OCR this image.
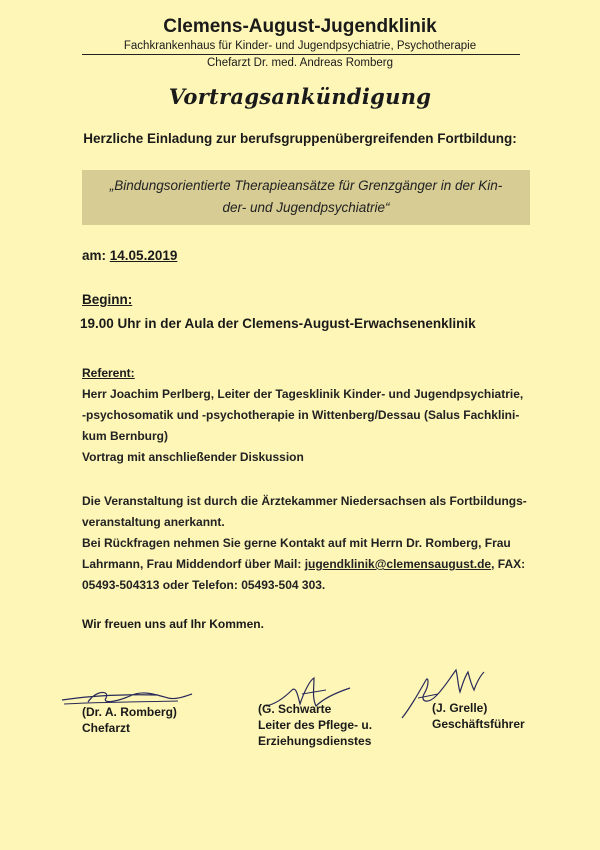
Clemens-August-Jugendklinik
Fachkrankenhaus für Kinder- und Jugendpsychiatrie, Psychotherapie
Chefarzt Dr. med. Andreas Romberg
Vortragsankündigung
Herzliche Einladung zur berufsgruppenübergreifenden Fortbildung:
„Bindungsorientierte Therapieansätze für Grenzgänger in der Kin-
der- und Jugendpsychiatrie“
am: 14.05.2019
Beginn:
19.00 Uhr in der Aula der Clemens-August-Erwachsenenklinik
Referent:
Herr Joachim Perlberg, Leiter der Tagesklinik Kinder- und Jugendpsychiatrie,
-psychosomatik und -psychotherapie in Wittenberg/Dessau (Salus Fachklini-
kum Bernburg)
Vortrag mit anschließender Diskussion
Die Veranstaltung ist durch die Ärztekammer Niedersachsen als Fortbildungs-
veranstaltung anerkannt.
Bei Rückfragen nehmen Sie gerne Kontakt auf mit Herrn Dr. Romberg, Frau
Lahrmann, Frau Middendorf über Mail: jugendklinik@clemensaugust.de, FAX:
05493-504313 oder Telefon: 05493-504 303.
Wir freuen uns auf Ihr Kommen.
(Dr. A. Romberg)
Chefarzt
(G. Schwarte
Leiter des Pflege- u.
Erziehungsdienstes
(J. Grelle)
Geschäftsführer
